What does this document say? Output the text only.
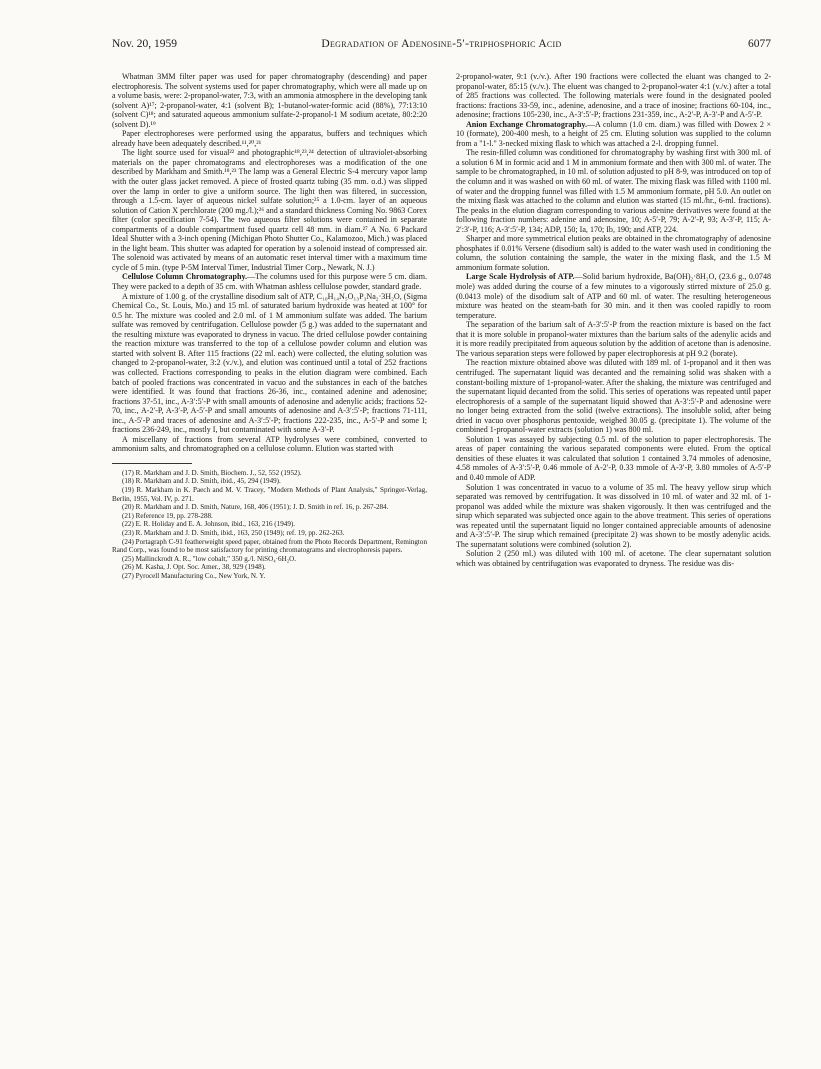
Nov. 20, 1959	Degradation of Adenosine-5′-triphosphoric Acid	6077

Whatman 3MM filter paper was used for paper chromatography (descending) and paper electrophoresis. The solvent systems used for paper chromatography, which were all made up on a volume basis, were: 2-propanol-water, 7:3, with an ammonia atmosphere in the developing tank (solvent A)¹⁷; 2-propanol-water, 4:1 (solvent B); 1-butanol-water-formic acid (88%), 77:13:10 (solvent C)¹⁸; and saturated aqueous ammonium sulfate-2-propanol-1 M sodium acetate, 80:2:20 (solvent D).¹⁹

Paper electrophoreses were performed using the apparatus, buffers and techniques which already have been adequately described.¹¹,²⁰,²¹

The light source used for visual²² and photographic¹⁸,²³,²⁴ detection of ultraviolet-absorbing materials on the paper chromatograms and electrophoreses was a modification of the one described by Markham and Smith.¹⁸,²³ The lamp was a General Electric S-4 mercury vapor lamp with the outer glass jacket removed. A piece of frosted quartz tubing (35 mm. o.d.) was slipped over the lamp in order to give a uniform source. The light then was filtered, in succession, through a 1.5-cm. layer of aqueous nickel sulfate solution;²⁵ a 1.0-cm. layer of an aqueous solution of Cation X perchlorate (200 mg./l.);²⁶ and a standard thickness Corning No. 9863 Corex filter (color specification 7-54). The two aqueous filter solutions were contained in separate compartments of a double compartment fused quartz cell 48 mm. in diam.²⁷ A No. 6 Packard Ideal Shutter with a 3-inch opening (Michigan Photo Shutter Co., Kalamozoo, Mich.) was placed in the light beam. This shutter was adapted for operation by a solenoid instead of compressed air. The solenoid was activated by means of an automatic reset interval timer with a maximum time cycle of 5 min. (type P-5M Interval Timer, Industrial Timer Corp., Newark, N. J.)

Cellulose Column Chromatography.—The columns used for this purpose were 5 cm. diam. They were packed to a depth of 35 cm. with Whatman ashless cellulose powder, standard grade.

A mixture of 1.00 g. of the crystalline disodium salt of ATP, C₁₀H₁₄N₅O₁₃P₃Na₂·3H₂O, (Sigma Chemical Co., St. Louis, Mo.) and 15 ml. of saturated barium hydroxide was heated at 100° for 0.5 hr. The mixture was cooled and 2.0 ml. of 1 M ammonium sulfate was added. The barium sulfate was removed by centrifugation. Cellulose powder (5 g.) was added to the supernatant and the resulting mixture was evaporated to dryness in vacuo. The dried cellulose powder containing the reaction mixture was transferred to the top of a cellulose powder column and elution was started with solvent B. After 115 fractions (22 ml. each) were collected, the eluting solution was changed to 2-propanol-water, 3:2 (v./v.), and elution was continued until a total of 252 fractions was collected. Fractions corresponding to peaks in the elution diagram were combined. Each batch of pooled fractions was concentrated in vacuo and the substances in each of the batches were identified. It was found that fractions 26-36, inc., contained adenine and adenosine; fractions 37-51, inc., A-3′:5′-P with small amounts of adenosine and adenylic acids; fractions 52-70, inc., A-2′-P, A-3′-P, A-5′-P and small amounts of adenosine and A-3′:5′-P; fractions 71-111, inc., A-5′-P and traces of adenosine and A-3′:5′-P; fractions 222-235, inc., A-5′-P and some I; fractions 236-249, inc., mostly I, but contaminated with some A-3′-P.

A miscellany of fractions from several ATP hydrolyses were combined, converted to ammonium salts, and chromatographed on a cellulose column. Elution was started with

(17) R. Markham and J. D. Smith, Biochem. J., 52, 552 (1952).

(18) R. Markham and J. D. Smith, ibid., 45, 294 (1949).

(19) R. Markham in K. Paech and M. V. Tracey, "Modern Methods of Plant Analysis," Springer-Verlag, Berlin, 1955, Vol. IV, p. 271.

(20) R. Markham and J. D. Smith, Nature, 168, 406 (1951); J. D. Smith in ref. 16, p. 267-284.

(21) Reference 19, pp. 278-288.

(22) E. R. Holiday and E. A. Johnson, ibid., 163, 216 (1949).

(23) R. Markham and J. D. Smith, ibid., 163, 250 (1949); ref. 19, pp. 262-263.

(24) Portagraph C-91 featherweight speed paper, obtained from the Photo Records Department, Remington Rand Corp., was found to be most satisfactory for printing chromatograms and electrophoresis papers.

(25) Mallinckrodt A. R., "low cobalt," 350 g./l. NiSO₄·6H₂O.

(26) M. Kasha, J. Opt. Soc. Amer., 38, 929 (1948).

(27) Pyrocell Manufacturing Co., New York, N. Y.

2-propanol-water, 9:1 (v./v.). After 190 fractions were collected the eluant was changed to 2-propanol-water, 85:15 (v./v.). The eluent was changed to 2-propanol-water 4:1 (v./v.) after a total of 285 fractions was collected. The following materials were found in the designated pooled fractions: fractions 33-59, inc., adenine, adenosine, and a trace of inosine; fractions 60-104, inc., adenosine; fractions 105-230, inc., A-3′:5′-P; fractions 231-359, inc., A-2′-P, A-3′-P and A-5′-P.

Anion Exchange Chromatography.—A column (1.0 cm. diam.) was filled with Dowex 2 × 10 (formate), 200-400 mesh, to a height of 25 cm. Eluting solution was supplied to the column from a "1-l." 3-necked mixing flask to which was attached a 2-l. dropping funnel.

The resin-filled column was conditioned for chromatography by washing first with 300 ml. of a solution 6 M in formic acid and 1 M in ammonium formate and then with 300 ml. of water. The sample to be chromatographed, in 10 ml. of solution adjusted to pH 8-9, was introduced on top of the column and it was washed on with 60 ml. of water. The mixing flask was filled with 1100 ml. of water and the dropping funnel was filled with 1.5 M ammonium formate, pH 5.0. An outlet on the mixing flask was attached to the column and elution was started (15 ml./hr., 6-ml. fractions). The peaks in the elution diagram corresponding to various adenine derivatives were found at the following fraction numbers: adenine and adenosine, 10; A-5′-P, 79; A-2′-P, 93; A-3′-P, 115; A-2′:3′-P, 116; A-3′:5′-P, 134; ADP, 150; Ia, 170; Ib, 190; and ATP, 224.

Sharper and more symmetrical elution peaks are obtained in the chromatography of adenosine phosphates if 0.01% Versene (disodium salt) is added to the water wash used in conditioning the column, the solution containing the sample, the water in the mixing flask, and the 1.5 M ammonium formate solution.

Large Scale Hydrolysis of ATP.—Solid barium hydroxide, Ba(OH)₂·8H₂O, (23.6 g., 0.0748 mole) was added during the course of a few minutes to a vigorously stirred mixture of 25.0 g. (0.0413 mole) of the disodium salt of ATP and 60 ml. of water. The resulting heterogeneous mixture was heated on the steam-bath for 30 min. and it then was cooled rapidly to room temperature.

The separation of the barium salt of A-3′:5′-P from the reaction mixture is based on the fact that it is more soluble in propanol-water mixtures than the barium salts of the adenylic acids and it is more readily precipitated from aqueous solution by the addition of acetone than is adenosine. The various separation steps were followed by paper electrophoresis at pH 9.2 (borate).

The reaction mixture obtained above was diluted with 189 ml. of 1-propanol and it then was centrifuged. The supernatant liquid was decanted and the remaining solid was shaken with a constant-boiling mixture of 1-propanol-water. After the shaking, the mixture was centrifuged and the supernatant liquid decanted from the solid. This series of operations was repeated until paper electrophoresis of a sample of the supernatant liquid showed that A-3′:5′-P and adenosine were no longer being extracted from the solid (twelve extractions). The insoluble solid, after being dried in vacuo over phosphorus pentoxide, weighed 30.05 g. (precipitate 1). The volume of the combined 1-propanol-water extracts (solution 1) was 800 ml.

Solution 1 was assayed by subjecting 0.5 ml. of the solution to paper electrophoresis. The areas of paper containing the various separated components were eluted. From the optical densities of these eluates it was calculated that solution 1 contained 3.74 mmoles of adenosine, 4.58 mmoles of A-3′:5′-P, 0.46 mmole of A-2′-P, 0.33 mmole of A-3′-P, 3.80 mmoles of A-5′-P and 0.40 mmole of ADP.

Solution 1 was concentrated in vacuo to a volume of 35 ml. The heavy yellow sirup which separated was removed by centrifugation. It was dissolved in 10 ml. of water and 32 ml. of 1-propanol was added while the mixture was shaken vigorously. It then was centrifuged and the sirup which separated was subjected once again to the above treatment. This series of operations was repeated until the supernatant liquid no longer contained appreciable amounts of adenosine and A-3′:5′-P. The sirup which remained (precipitate 2) was shown to be mostly adenylic acids. The supernatant solutions were combined (solution 2).

Solution 2 (250 ml.) was diluted with 100 ml. of acetone. The clear supernatant solution which was obtained by centrifugation was evaporated to dryness. The residue was dis-
